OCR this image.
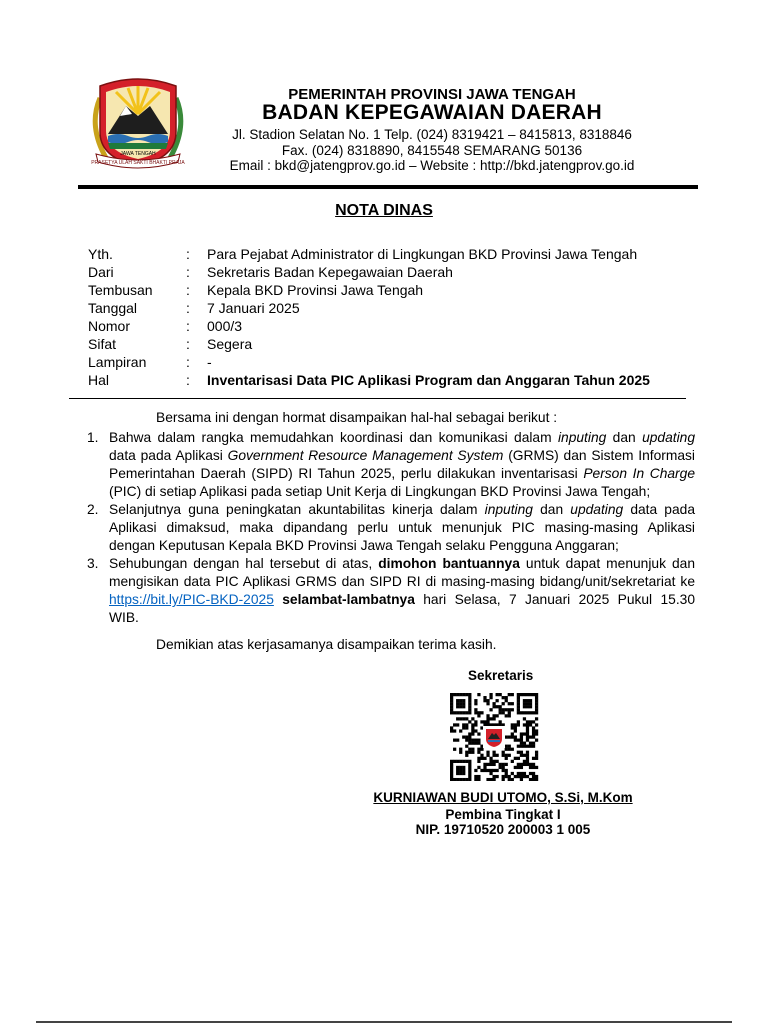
PRASETYA ULAH SAKTI BHAKTI PRAJA
JAWA TENGAH
PEMERINTAH PROVINSI JAWA TENGAH
BADAN KEPEGAWAIAN DAERAH
Jl. Stadion Selatan No. 1 Telp. (024) 8319421 – 8415813, 8318846
Fax. (024) 8318890, 8415548 SEMARANG 50136
Email : bkd@jatengprov.go.id – Website : http://bkd.jatengprov.go.id
NOTA DINAS
Yth.	: Para Pejabat Administrator di Lingkungan BKD Provinsi Jawa Tengah
Dari	: Sekretaris Badan Kepegawaian Daerah
Tembusan : Kepala BKD Provinsi Jawa Tengah
Tanggal	: 7 Januari 2025
Nomor	: 000/3
Sifat	: Segera
Lampiran	: -
Hal	: Inventarisasi Data PIC Aplikasi Program dan Anggaran Tahun 2025
Bersama ini dengan hormat disampaikan hal-hal sebagai berikut :
1. Bahwa dalam rangka memudahkan koordinasi dan komunikasi dalam inputing dan updating
data pada Aplikasi Government Resource Management System (GRMS) dan Sistem Informasi
Pemerintahan Daerah (SIPD) RI Tahun 2025, perlu dilakukan inventarisasi Person In Charge
(PIC) di setiap Aplikasi pada setiap Unit Kerja di Lingkungan BKD Provinsi Jawa Tengah;
2. Selanjutnya guna peningkatan akuntabilitas kinerja dalam inputing dan updating data pada
Aplikasi dimaksud, maka dipandang perlu untuk menunjuk PIC masing-masing Aplikasi
dengan Keputusan Kepala BKD Provinsi Jawa Tengah selaku Pengguna Anggaran;
3. Sehubungan dengan hal tersebut di atas, dimohon bantuannya untuk dapat menunjuk dan
mengisikan data PIC Aplikasi GRMS dan SIPD RI di masing-masing bidang/unit/sekretariat ke
https://bit.ly/PIC-BKD-2025 selambat-lambatnya hari Selasa, 7 Januari 2025 Pukul 15.30
WIB.
Demikian atas kerjasamanya disampaikan terima kasih.
Sekretaris
KURNIAWAN BUDI UTOMO, S.Si, M.Kom
Pembina Tingkat I
NIP. 19710520 200003 1 005
